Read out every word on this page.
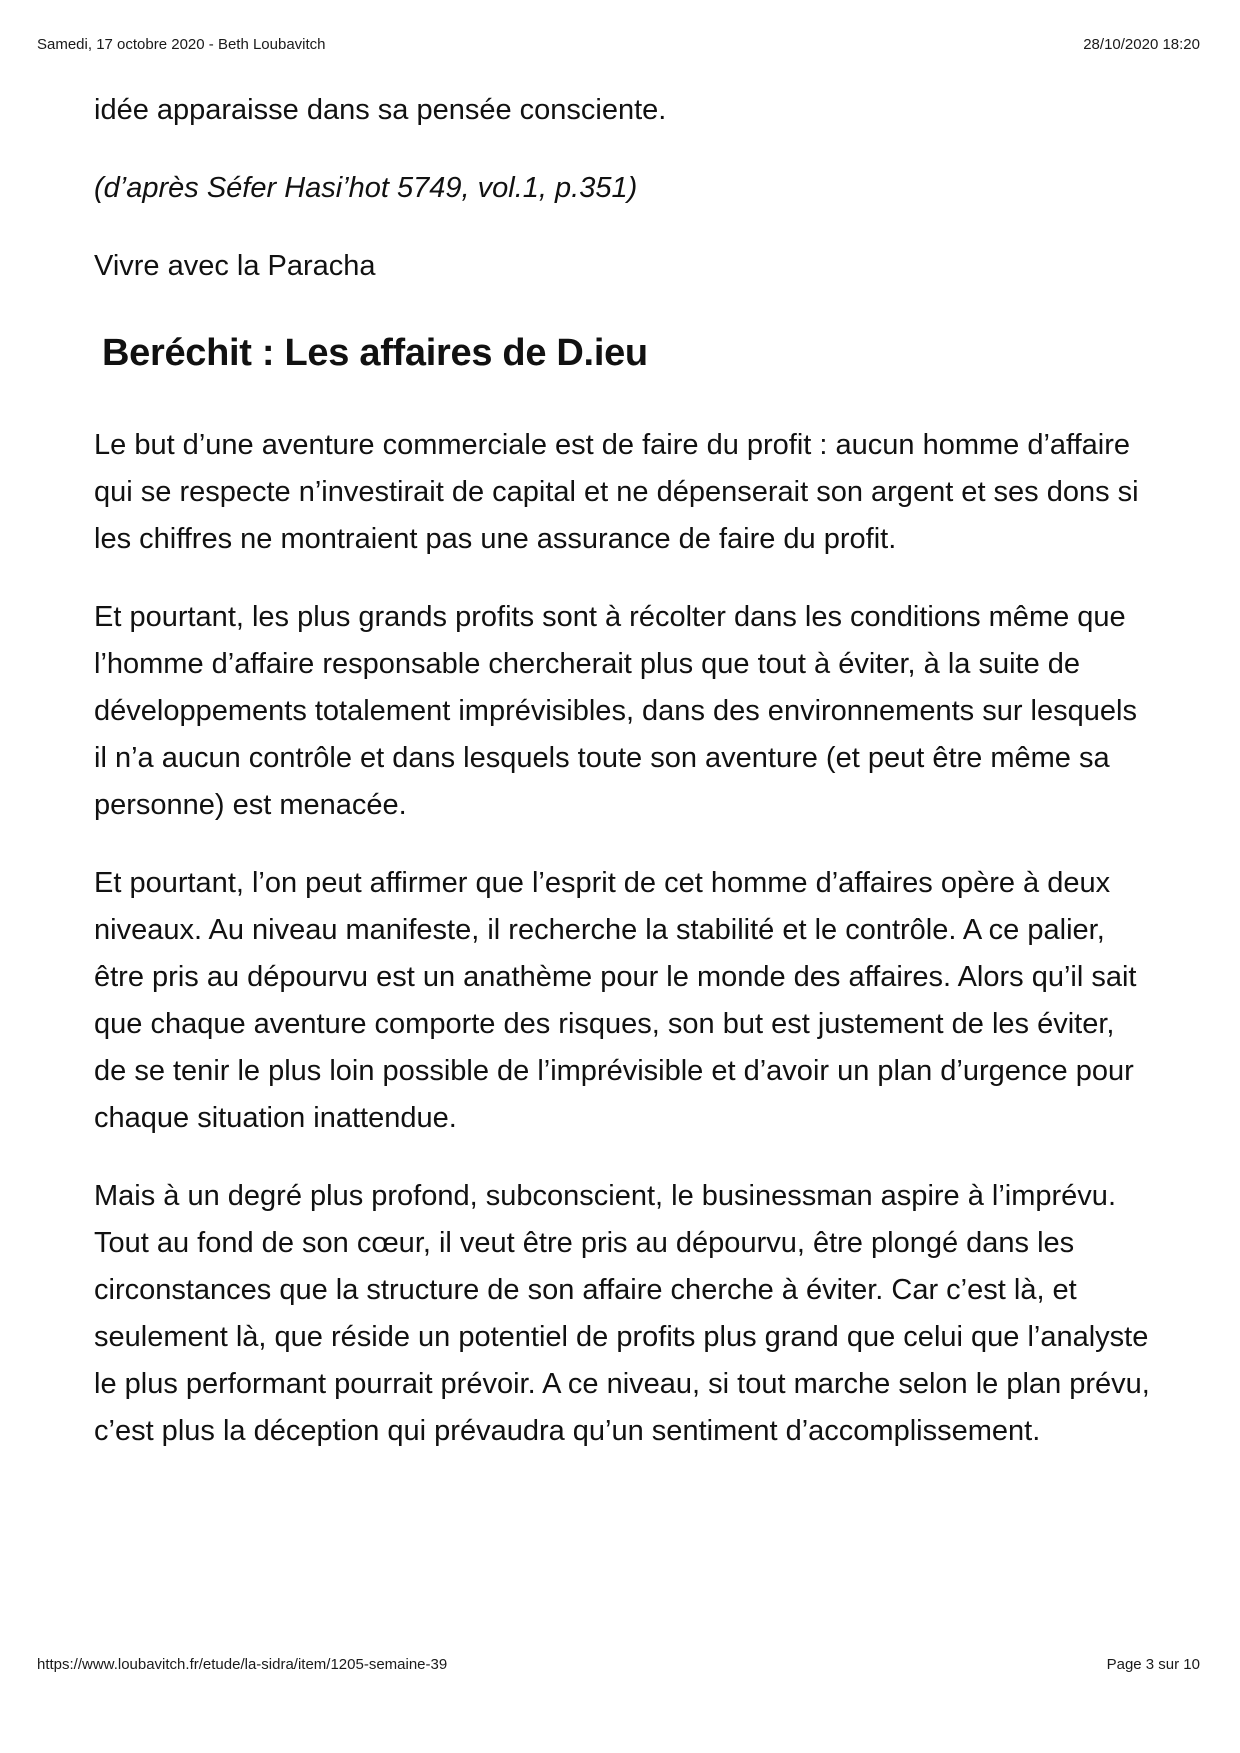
Samedi, 17 octobre 2020 - Beth Loubavitch	28/10/2020 18:20

idée apparaisse dans sa pensée consciente.

(d’après Séfer Hasi’hot 5749, vol.1, p.351)

Vivre avec la Paracha

Beréchit : Les affaires de D.ieu

Le but d’une aventure commerciale est de faire du profit : aucun homme d’affaire qui se respecte n’investirait de capital et ne dépenserait son argent et ses dons si les chiffres ne montraient pas une assurance de faire du profit.

Et pourtant, les plus grands profits sont à récolter dans les conditions même que l’homme d’affaire responsable chercherait plus que tout à éviter, à la suite de développements totalement imprévisibles, dans des environnements sur lesquels il n’a aucun contrôle et dans lesquels toute son aventure (et peut être même sa personne) est menacée.

Et pourtant, l’on peut affirmer que l’esprit de cet homme d’affaires opère à deux niveaux. Au niveau manifeste, il recherche la stabilité et le contrôle. A ce palier, être pris au dépourvu est un anathème pour le monde des affaires. Alors qu’il sait que chaque aventure comporte des risques, son but est justement de les éviter, de se tenir le plus loin possible de l’imprévisible et d’avoir un plan d’urgence pour chaque situation inattendue.

Mais à un degré plus profond, subconscient, le businessman aspire à l’imprévu. Tout au fond de son cœur, il veut être pris au dépourvu, être plongé dans les circonstances que la structure de son affaire cherche à éviter. Car c’est là, et seulement là, que réside un potentiel de profits plus grand que celui que l’analyste le plus performant pourrait prévoir. A ce niveau, si tout marche selon le plan prévu, c’est plus la déception qui prévaudra qu’un sentiment d’accomplissement.

https://www.loubavitch.fr/etude/la-sidra/item/1205-semaine-39	Page 3 sur 10
